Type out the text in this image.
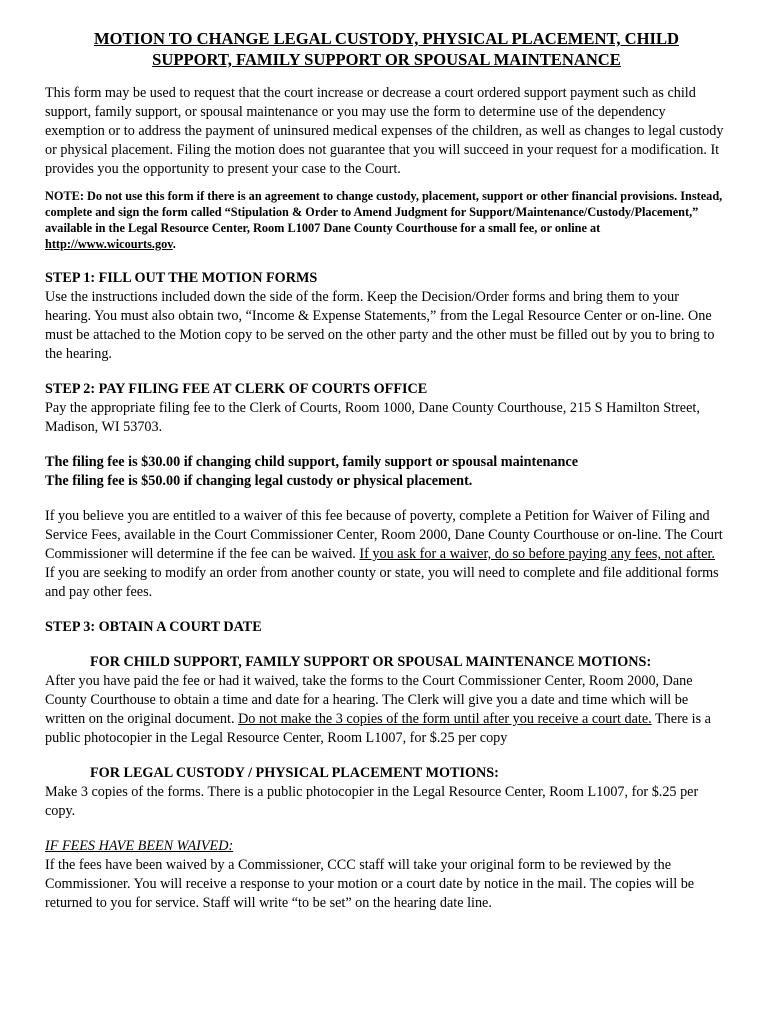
MOTION TO CHANGE LEGAL CUSTODY, PHYSICAL PLACEMENT, CHILD
SUPPORT, FAMILY SUPPORT OR SPOUSAL MAINTENANCE

This form may be used to request that the court increase or decrease a court ordered support payment such as child support, family support, or spousal maintenance or you may use the form to determine use of the dependency exemption or to address the payment of uninsured medical expenses of the children, as well as changes to legal custody or physical placement. Filing the motion does not guarantee that you will succeed in your request for a modification. It provides you the opportunity to present your case to the Court.

NOTE: Do not use this form if there is an agreement to change custody, placement, support or other financial provisions. Instead, complete and sign the form called “Stipulation & Order to Amend Judgment for Support/Maintenance/Custody/Placement,” available in the Legal Resource Center, Room L1007 Dane County Courthouse for a small fee, or online at http://www.wicourts.gov.

STEP 1: FILL OUT THE MOTION FORMS

Use the instructions included down the side of the form. Keep the Decision/Order forms and bring them to your hearing. You must also obtain two, “Income & Expense Statements,” from the Legal Resource Center or on-line. One must be attached to the Motion copy to be served on the other party and the other must be filled out by you to bring to the hearing.

STEP 2: PAY FILING FEE AT CLERK OF COURTS OFFICE

Pay the appropriate filing fee to the Clerk of Courts, Room 1000, Dane County Courthouse, 215 S Hamilton Street, Madison, WI 53703.

The filing fee is $30.00 if changing child support, family support or spousal maintenance

The filing fee is $50.00 if changing legal custody or physical placement.

If you believe you are entitled to a waiver of this fee because of poverty, complete a Petition for Waiver of Filing and Service Fees, available in the Court Commissioner Center, Room 2000, Dane County Courthouse or on-line. The Court Commissioner will determine if the fee can be waived. If you ask for a waiver, do so before paying any fees, not after.

If you are seeking to modify an order from another county or state, you will need to complete and file additional forms and pay other fees.

STEP 3: OBTAIN A COURT DATE

FOR CHILD SUPPORT, FAMILY SUPPORT OR SPOUSAL MAINTENANCE MOTIONS:

After you have paid the fee or had it waived, take the forms to the Court Commissioner Center, Room 2000, Dane County Courthouse to obtain a time and date for a hearing. The Clerk will give you a date and time which will be written on the original document. Do not make the 3 copies of the form until after you receive a court date. There is a public photocopier in the Legal Resource Center, Room L1007, for $.25 per copy

FOR LEGAL CUSTODY / PHYSICAL PLACEMENT MOTIONS:

Make 3 copies of the forms. There is a public photocopier in the Legal Resource Center, Room L1007, for $.25 per copy.

IF FEES HAVE BEEN WAIVED:

If the fees have been waived by a Commissioner, CCC staff will take your original form to be reviewed by the Commissioner. You will receive a response to your motion or a court date by notice in the mail. The copies will be returned to you for service. Staff will write “to be set” on the hearing date line.
